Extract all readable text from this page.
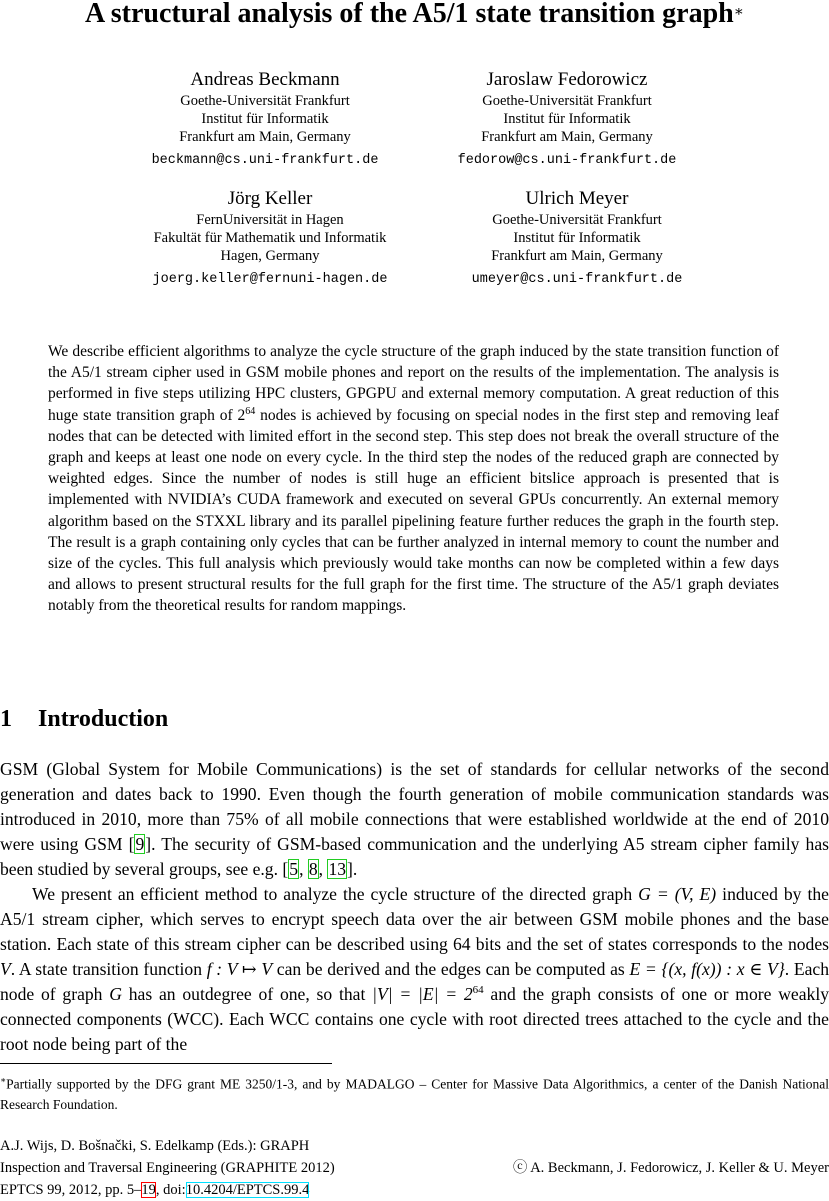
A structural analysis of the A5/1 state transition graph∗
Andreas Beckmann
Goethe-Universität Frankfurt
Institut für Informatik
Frankfurt am Main, Germany
beckmann@cs.uni-frankfurt.de
Jaroslaw Fedorowicz
Goethe-Universität Frankfurt
Institut für Informatik
Frankfurt am Main, Germany
fedorow@cs.uni-frankfurt.de
Jörg Keller
FernUniversität in Hagen
Fakultät für Mathematik und Informatik
Hagen, Germany
joerg.keller@fernuni-hagen.de
Ulrich Meyer
Goethe-Universität Frankfurt
Institut für Informatik
Frankfurt am Main, Germany
umeyer@cs.uni-frankfurt.de
We describe efficient algorithms to analyze the cycle structure of the graph induced by the state transition function of the A5/1 stream cipher used in GSM mobile phones and report on the results of the implementation. The analysis is performed in five steps utilizing HPC clusters, GPGPU and external memory computation. A great reduction of this huge state transition graph of $2^{64}$ nodes is achieved by focusing on special nodes in the first step and removing leaf nodes that can be detected with limited effort in the second step. This step does not break the overall structure of the graph and keeps at least one node on every cycle. In the third step the nodes of the reduced graph are connected by weighted edges. Since the number of nodes is still huge an efficient bitslice approach is presented that is implemented with NVIDIA’s CUDA framework and executed on several GPUs concurrently. An external memory algorithm based on the STXXL library and its parallel pipelining feature further reduces the graph in the fourth step. The result is a graph containing only cycles that can be further analyzed in internal memory to count the number and size of the cycles. This full analysis which previously would take months can now be completed within a few days and allows to present structural results for the full graph for the first time. The structure of the A5/1 graph deviates notably from the theoretical results for random mappings.
1 Introduction

GSM (Global System for Mobile Communications) is the set of standards for cellular networks of the second generation and dates back to 1990. Even though the fourth generation of mobile communication standards was introduced in 2010, more than 75% of all mobile connections that were established worldwide at the end of 2010 were using GSM [9]. The security of GSM-based communication and the underlying A5 stream cipher family has been studied by several groups, see e.g. [5, 8, 13].

We present an efficient method to analyze the cycle structure of the directed graph G = (V, E) induced by the A5/1 stream cipher, which serves to encrypt speech data over the air between GSM mobile phones and the base station. Each state of this stream cipher can be described using 64 bits and the set of states corresponds to the nodes V. A state transition function f : V ↦ V can be derived and the edges can be computed as E = {(x, f(x)) : x ∈ V}. Each node of graph G has an outdegree of one, so that $|V| = |E| = 2^{64}$ and the graph consists of one or more weakly connected components (WCC). Each WCC contains one cycle with root directed trees attached to the cycle and the root node being part of the

∗Partially supported by the DFG grant ME 3250/1-3, and by MADALGO – Center for Massive Data Algorithmics, a center of the Danish National Research Foundation.
A.J. Wijs, D. Bošnački, S. Edelkamp (Eds.): GRAPH
Inspection and Traversal Engineering (GRAPHITE 2012)
EPTCS 99, 2012, pp. 5–19, doi:10.4204/EPTCS.99.4
ⓒ A. Beckmann, J. Fedorowicz, J. Keller & U. Meyer
